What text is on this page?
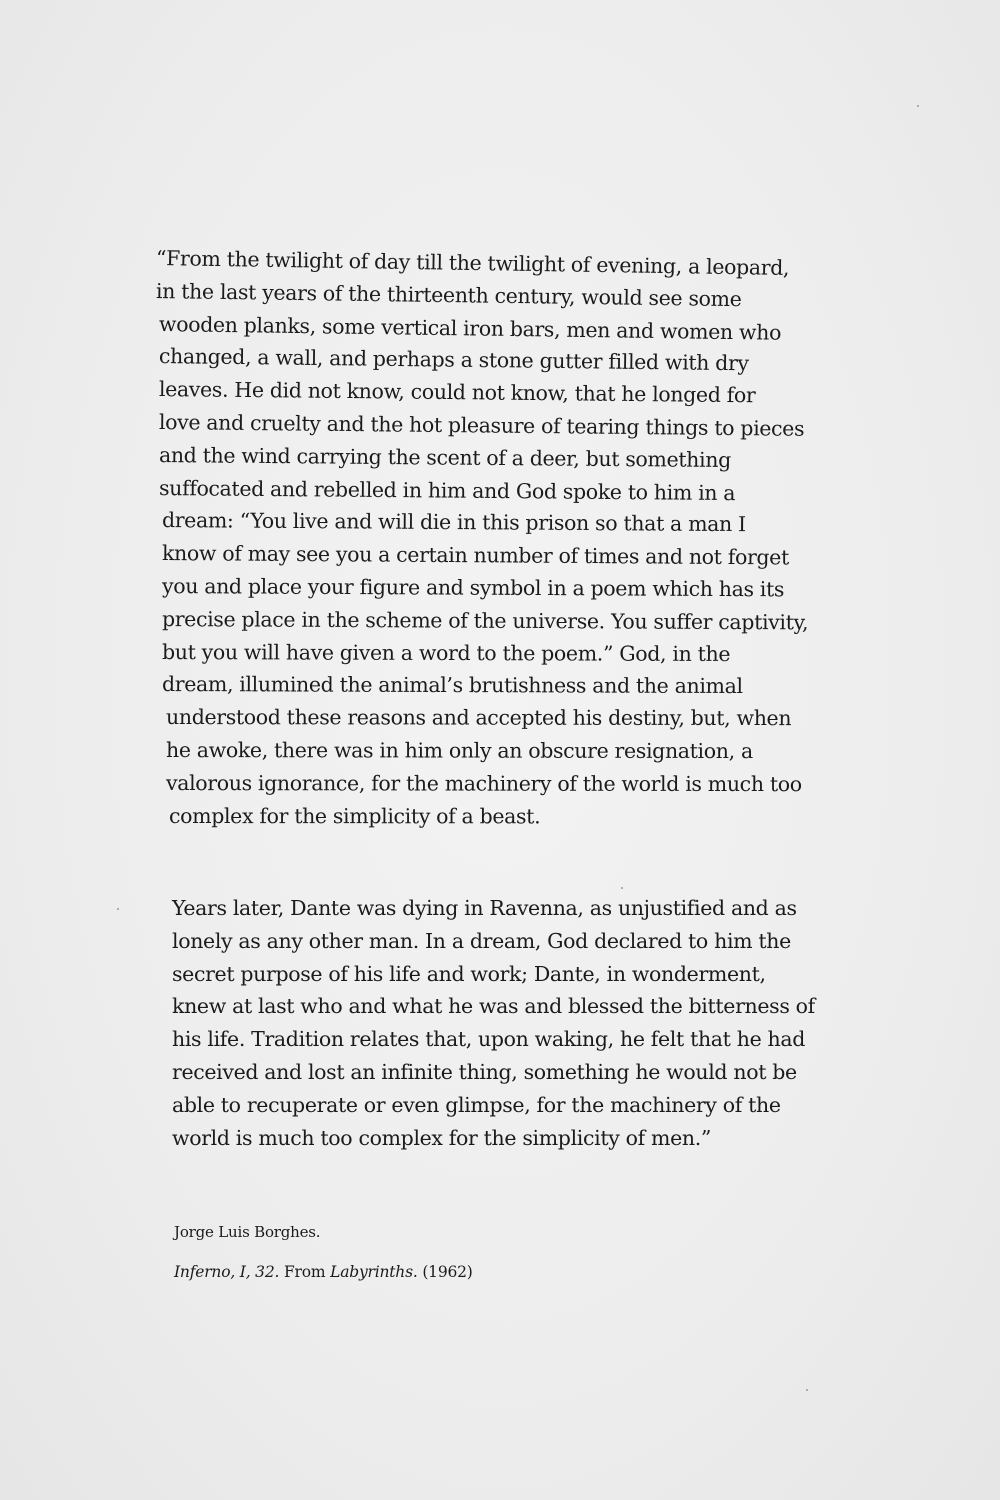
“From the twilight of day till the twilight of evening, a leopard,
in the last years of the thirteenth century, would see some
wooden planks, some vertical iron bars, men and women who
changed, a wall, and perhaps a stone gutter filled with dry
leaves. He did not know, could not know, that he longed for
love and cruelty and the hot pleasure of tearing things to pieces
and the wind carrying the scent of a deer, but something
suffocated and rebelled in him and God spoke to him in a
dream: “You live and will die in this prison so that a man I
know of may see you a certain number of times and not forget
you and place your figure and symbol in a poem which has its
precise place in the scheme of the universe. You suffer captivity,
but you will have given a word to the poem.” God, in the
dream, illumined the animal’s brutishness and the animal
understood these reasons and accepted his destiny, but, when
he awoke, there was in him only an obscure resignation, a
valorous ignorance, for the machinery of the world is much too
complex for the simplicity of a beast.
Years later, Dante was dying in Ravenna, as unjustified and as
lonely as any other man. In a dream, God declared to him the
secret purpose of his life and work; Dante, in wonderment,
knew at last who and what he was and blessed the bitterness of
his life. Tradition relates that, upon waking, he felt that he had
received and lost an infinite thing, something he would not be
able to recuperate or even glimpse, for the machinery of the
world is much too complex for the simplicity of men.”
Jorge Luis Borghes.
Inferno, I, 32. From Labyrinths. (1962)
